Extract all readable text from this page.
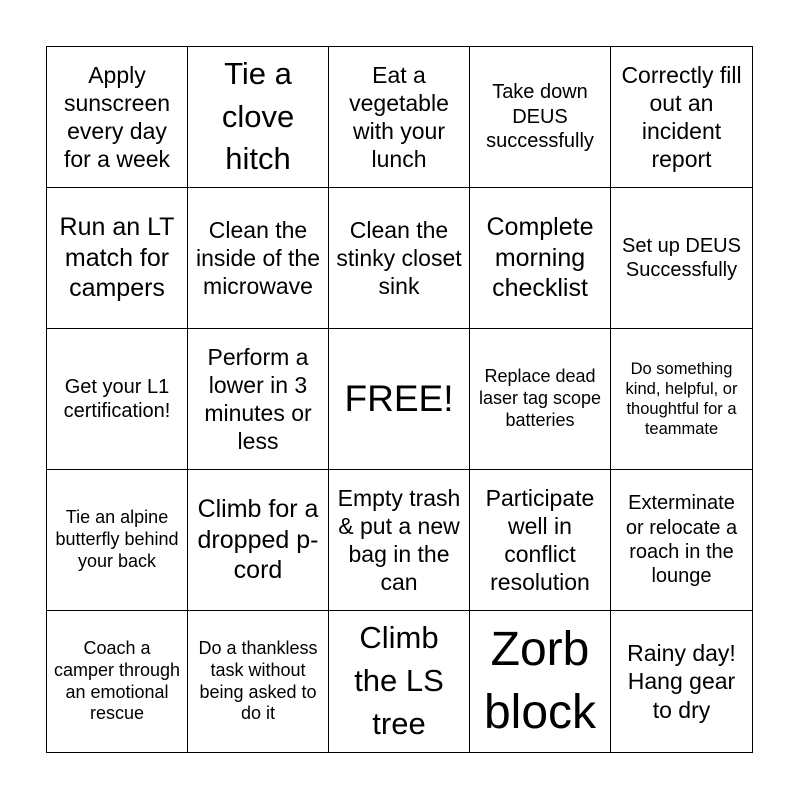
Apply sunscreen every day for a week
Tie a clove hitch
Eat a vegetable with your lunch
Take down DEUS successfully
Correctly fill out an incident report
Run an LT match for campers
Clean the inside of the microwave
Clean the stinky closet sink
Complete morning checklist
Set up DEUS Successfully
Get your L1 certification!
Perform a lower in 3 minutes or less
FREE!
Replace dead laser tag scope batteries
Do something kind, helpful, or thoughtful for a teammate
Tie an alpine butterfly behind your back
Climb for a dropped p-cord
Empty trash & put a new bag in the can
Participate well in conflict resolution
Exterminate or relocate a roach in the lounge
Coach a camper through an emotional rescue
Do a thankless task without being asked to do it
Climb the LS tree
Zorb block
Rainy day! Hang gear to dry
